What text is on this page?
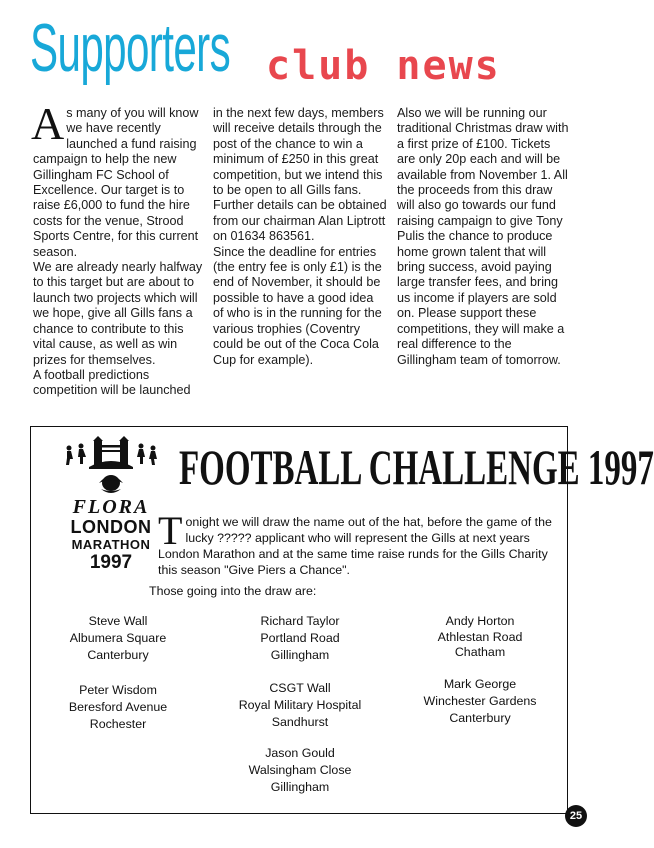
Supporters club news

As many of you will know we have recently launched a fund raising campaign to help the new Gillingham FC School of Excellence. Our target is to raise £6,000 to fund the hire costs for the venue, Strood Sports Centre, for this current season.

We are already nearly halfway to this target but are about to launch two projects which will we hope, give all Gills fans a chance to contribute to this vital cause, as well as win prizes for themselves.

A football predictions competition will be launched

in the next few days, members will receive details through the post of the chance to win a minimum of £250 in this great competition, but we intend this to be open to all Gills fans. Further details can be obtained from our chairman Alan Liptrott on 01634 863561.

Since the deadline for entries (the entry fee is only £1) is the end of November, it should be possible to have a good idea of who is in the running for the various trophies (Coventry could be out of the Coca Cola Cup for example).

Also we will be running our traditional Christmas draw with a first prize of £100. Tickets are only 20p each and will be available from November 1. All the proceeds from this draw will also go towards our fund raising campaign to give Tony Pulis the chance to produce home grown talent that will bring success, avoid paying large transfer fees, and bring us income if players are sold on. Please support these competitions, they will make a real difference to the Gillingham team of tomorrow.

FLORA
LONDON
MARATHON
1997
FOOTBALL CHALLENGE 1997
Tonight we will draw the name out of the hat, before the game of the lucky ????? applicant who will represent the Gills at next years London Marathon and at the same time raise runds for the Gills Charity this season "Give Piers a Chance".
Those going into the draw are:
Steve Wall
Albumera Square
Canterbury
Richard Taylor
Portland Road
Gillingham
Andy Horton
Athlestan Road
Chatham
Peter Wisdom
Beresford Avenue
Rochester
CSGT Wall
Royal Military Hospital
Sandhurst
Mark George
Winchester Gardens
Canterbury
Jason Gould
Walsingham Close
Gillingham
25
